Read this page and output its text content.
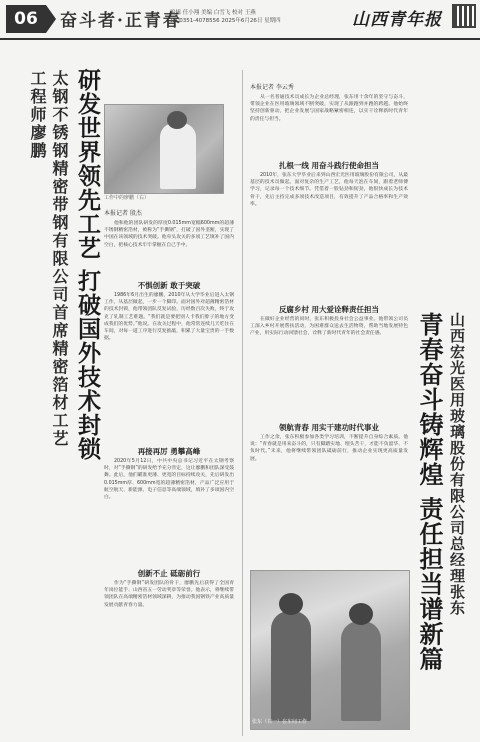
06	奋斗者·正青春
编辑 任小翔 美编 白雪飞 校对 王燕
Tel:0351-4078556 2025年6月26日 星期四	山西青年报
太钢不锈钢精密带钢有限公司首席精密箔材工艺工程师廖鹏	研发世界领先工艺 打破国外技术封锁 工作中的廖鹏（右）
本报记者 殷杰

他和他的团队研发的厚度0.015mm宽幅600mm的超薄不锈钢精密箔材，被称为“手撕钢”，打破了国外垄断，实现了中国在该领域的技术突破。他牵头攻关的多项工艺填补了国内空白，把核心技术牢牢掌握在自己手中。

不惧创新 敢于突破

1986年6月出生的廖鹏，2010年从大学毕业后进入太钢工作，从基层做起，一步一个脚印。面对国外对超薄精密箔材的技术封锁，他带领团队反复试验，历经数百次失败，终于攻克了轧制工艺难题。“我们就是要把别人卡我们脖子的地方变成我们的优势。”他说。在攻关过程中，他常常连续几天吃住在车间，对每一道工序进行反复推敲，积累了大量宝贵的一手数据。

再接再厉 勇攀高峰

2020年5月12日，中共中央总书记习近平在太钢考察时，对“手撕钢”的研发给予充分肯定，这让廖鹏和团队深受鼓舞。此后，他们瞄准更薄、更宽的目标持续攻关，先后研发出0.015mm厚、600mm宽的超薄精密箔材，产品广泛应用于航空航天、新能源、电子信息等高端领域，填补了多项国内空白。

创新不止 砥砺前行

作为“手撕钢”研发团队的骨干，廖鹏先后获得了全国青年岗位能手、山西省五一劳动奖章等荣誉。他表示，将继续带领团队在高端精密箔材领域深耕，为推动我国钢铁产业高质量发展贡献青春力量。

本报记者 李云秀

从一名普通技术员成长为企业总经理，张东用十余年的坚守与奋斗，带领企业在医用玻璃领域不断突破，实现了从跟跑到并跑的跨越。他始终坚持创新驱动，把企业发展与国家战略紧密相连，以实干诠释新时代青年的责任与担当。

扎根一线 用奋斗践行使命担当

2010年，张东大学毕业后来到山西宏光医用玻璃股份有限公司，从最基层的技术员做起。面对复杂的生产工艺，他每天泡在车间，跟着老师傅学习，记录每一个技术细节。凭借着一股钻劲和韧劲，他很快成长为技术骨干，先后主持完成多项技术改造项目，有效提升了产品合格率和生产效率。

反腐乡村 用大爱诠释责任担当

在做好企业经营的同时，张东积极投身社会公益事业。他带领公司员工深入乡村开展帮扶活动，为困难群众送去生活物资，帮助当地发展特色产业，用实际行动回馈社会，诠释了新时代青年的社会责任感。

领航青春 用实干建功时代事业

工作之余，张东积极参加各类学习培训，不断提升自身综合素质。他说：“青春就是用来奋斗的，只有脚踏实地、埋头苦干，才能不负韶华、不负时代。”未来，他将继续带领团队砥砺前行，推动企业实现更高质量发展。

张东（右一）在车间工作
青春奋斗铸辉煌 责任担当谱新篇 山西宏光医用玻璃股份有限公司总经理张东
